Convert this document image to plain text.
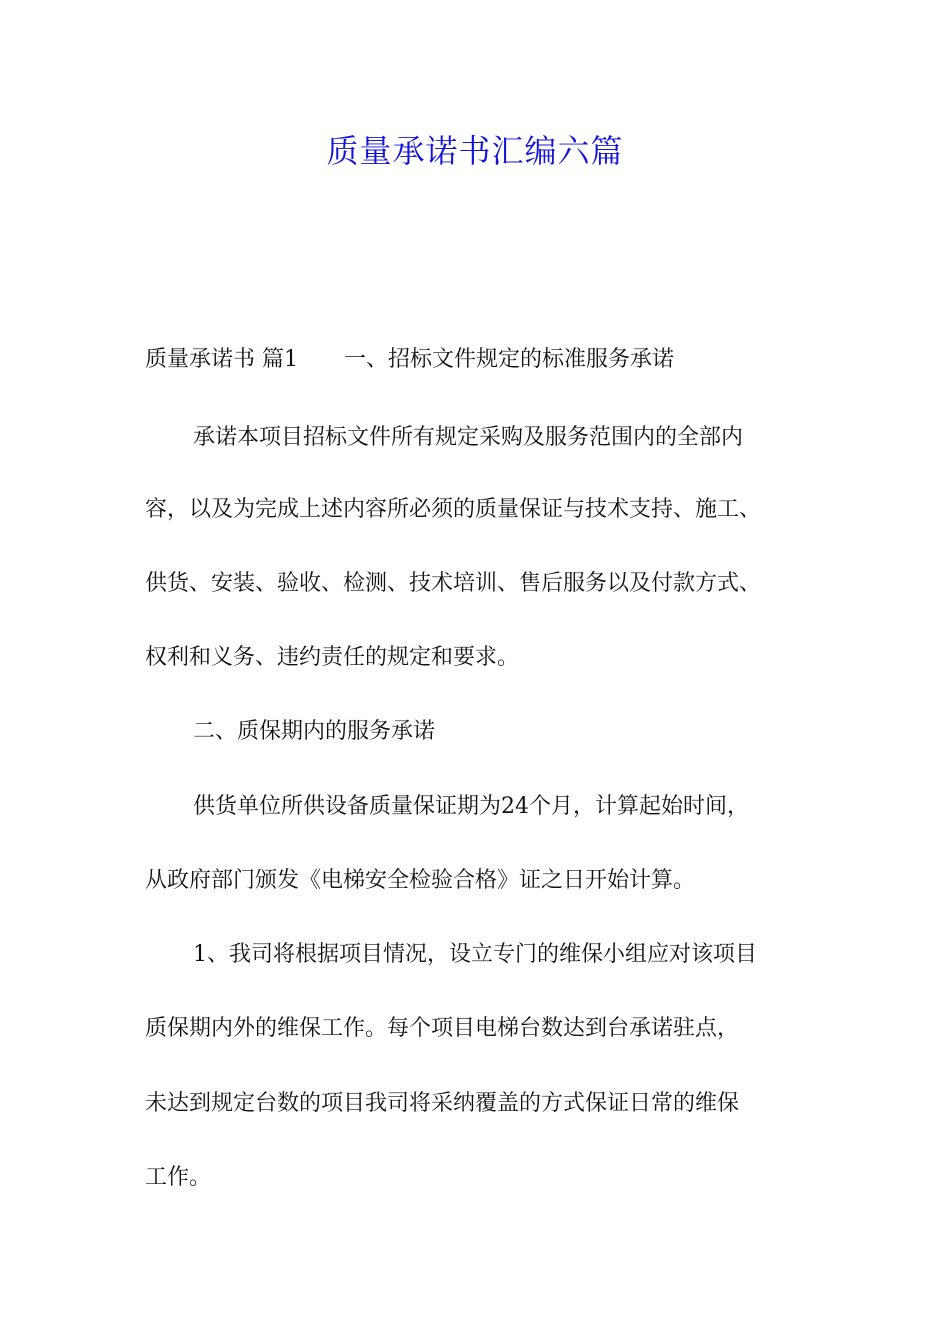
质量承诺书汇编六篇

质量承诺书 篇1 一、招标文件规定的标准服务承诺

承诺本项目招标文件所有规定采购及服务范围内的全部内

容，以及为完成上述内容所必须的质量保证与技术支持、施工、

供货、安装、验收、检测、技术培训、售后服务以及付款方式、

权利和义务、违约责任的规定和要求。

二、质保期内的服务承诺

供货单位所供设备质量保证期为24个月，计算起始时间，

从政府部门颁发《电梯安全检验合格》证之日开始计算。

1、我司将根据项目情况，设立专门的维保小组应对该项目

质保期内外的维保工作。每个项目电梯台数达到台承诺驻点，

未达到规定台数的项目我司将采纳覆盖的方式保证日常的维保

工作。
